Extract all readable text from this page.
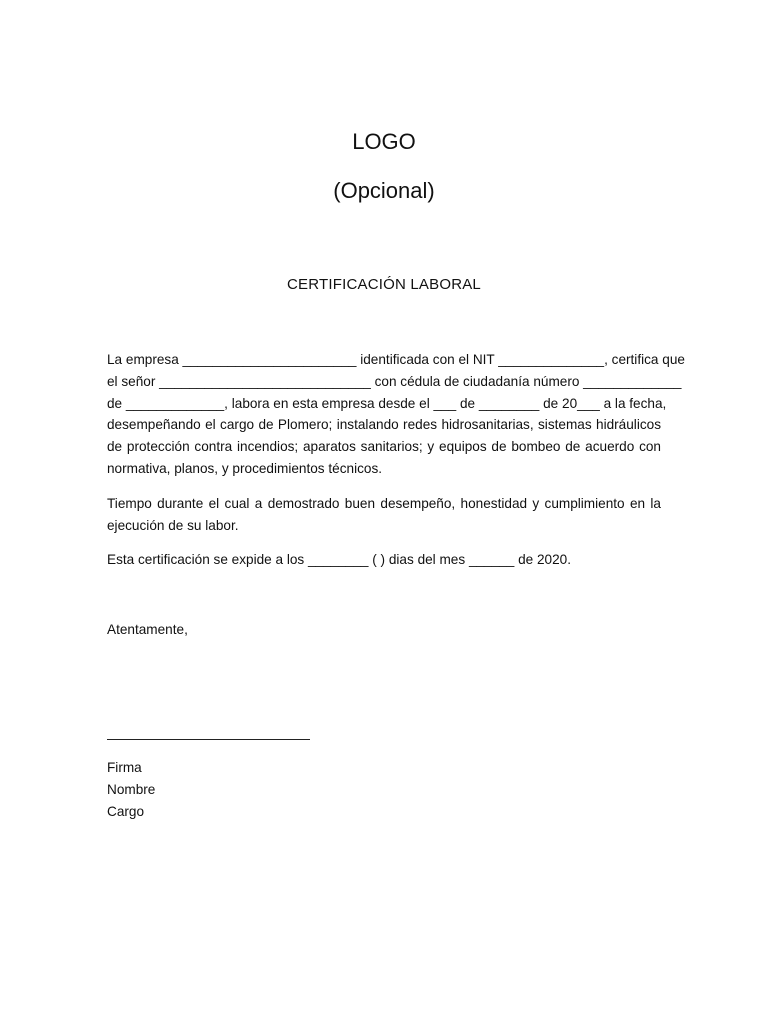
LOGO
(Opcional)
CERTIFICACIÓN LABORAL
La empresa _______________________ identificada con el NIT ______________, certifica que
el señor ____________________________ con cédula de ciudadanía número _____________
de _____________, labora en esta empresa desde el ___ de ________ de 20___ a la fecha,
desempeñando el cargo de Plomero; instalando redes hidrosanitarias, sistemas hidráulicos
de protección contra incendios; aparatos sanitarios; y equipos de bombeo de acuerdo con
normativa, planos, y procedimientos técnicos.
Tiempo durante el cual a demostrado buen desempeño, honestidad y cumplimiento en la
ejecución de su labor.
Esta certificación se expide a los ________ ( ) dias del mes ______ de 2020.
Atentamente,
Firma
Nombre
Cargo
